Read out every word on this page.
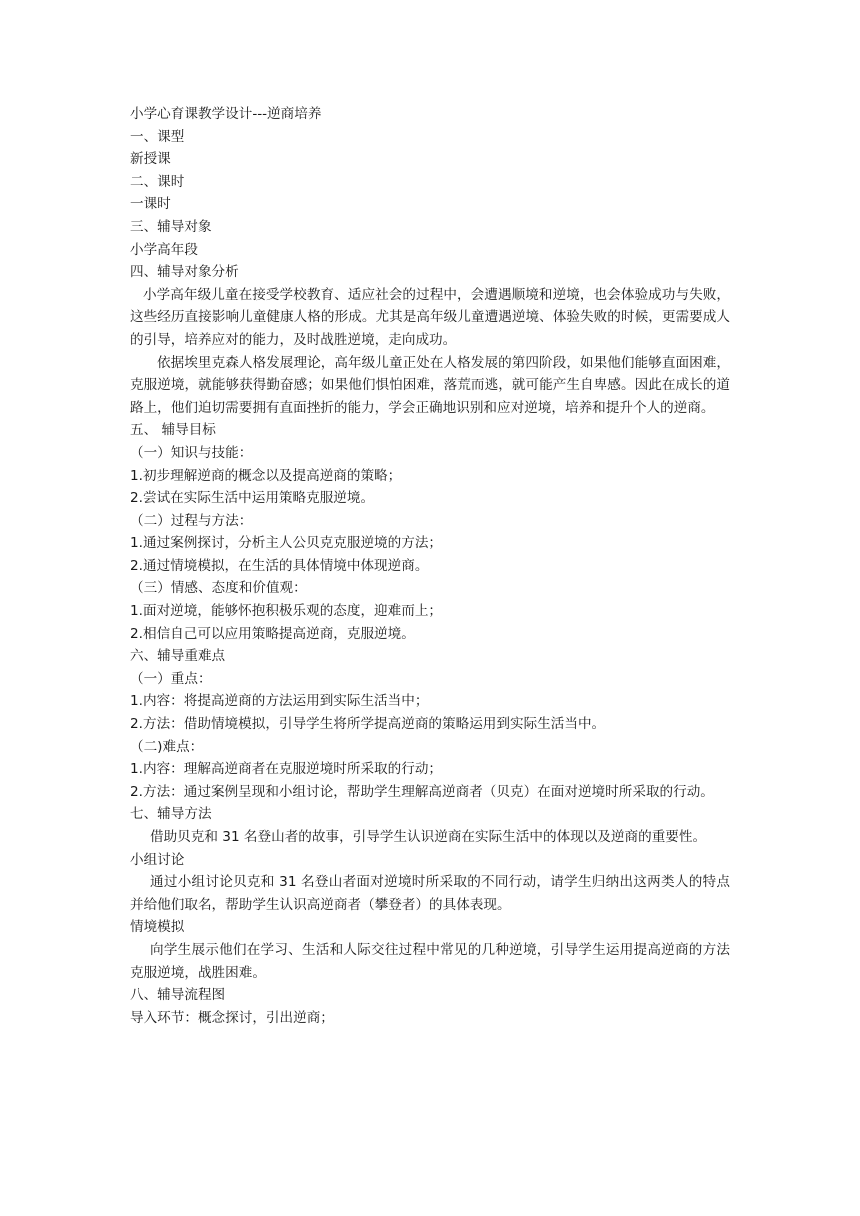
小学心育课教学设计---逆商培养
一、课型
新授课
二、课时
一课时
三、辅导对象
小学高年段
四、辅导对象分析
小学高年级儿童在接受学校教育、适应社会的过程中，会遭遇顺境和逆境，也会体验成功与失败，这些经历直接影响儿童健康人格的形成。尤其是高年级儿童遭遇逆境、体验失败的时候，更需要成人的引导，培养应对的能力，及时战胜逆境，走向成功。
依据埃里克森人格发展理论，高年级儿童正处在人格发展的第四阶段，如果他们能够直面困难，克服逆境，就能够获得勤奋感；如果他们惧怕困难，落荒而逃，就可能产生自卑感。因此在成长的道路上，他们迫切需要拥有直面挫折的能力，学会正确地识别和应对逆境，培养和提升个人的逆商。
五、 辅导目标
（一）知识与技能：
1.初步理解逆商的概念以及提高逆商的策略；
2.尝试在实际生活中运用策略克服逆境。
（二）过程与方法：
1.通过案例探讨，分析主人公贝克克服逆境的方法；
2.通过情境模拟，在生活的具体情境中体现逆商。
（三）情感、态度和价值观：
1.面对逆境，能够怀抱积极乐观的态度，迎难而上；
2.相信自己可以应用策略提高逆商，克服逆境。
六、辅导重难点
（一）重点：
1.内容：将提高逆商的方法运用到实际生活当中；
2.方法：借助情境模拟，引导学生将所学提高逆商的策略运用到实际生活当中。
（二)难点：
1.内容：理解高逆商者在克服逆境时所采取的行动；
2.方法：通过案例呈现和小组讨论，帮助学生理解高逆商者（贝克）在面对逆境时所采取的行动。
七、辅导方法
借助贝克和 31 名登山者的故事，引导学生认识逆商在实际生活中的体现以及逆商的重要性。
小组讨论
通过小组讨论贝克和 31 名登山者面对逆境时所采取的不同行动，请学生归纳出这两类人的特点并给他们取名，帮助学生认识高逆商者（攀登者）的具体表现。
情境模拟
向学生展示他们在学习、生活和人际交往过程中常见的几种逆境，引导学生运用提高逆商的方法克服逆境，战胜困难。
八、辅导流程图
导入环节：概念探讨，引出逆商；
